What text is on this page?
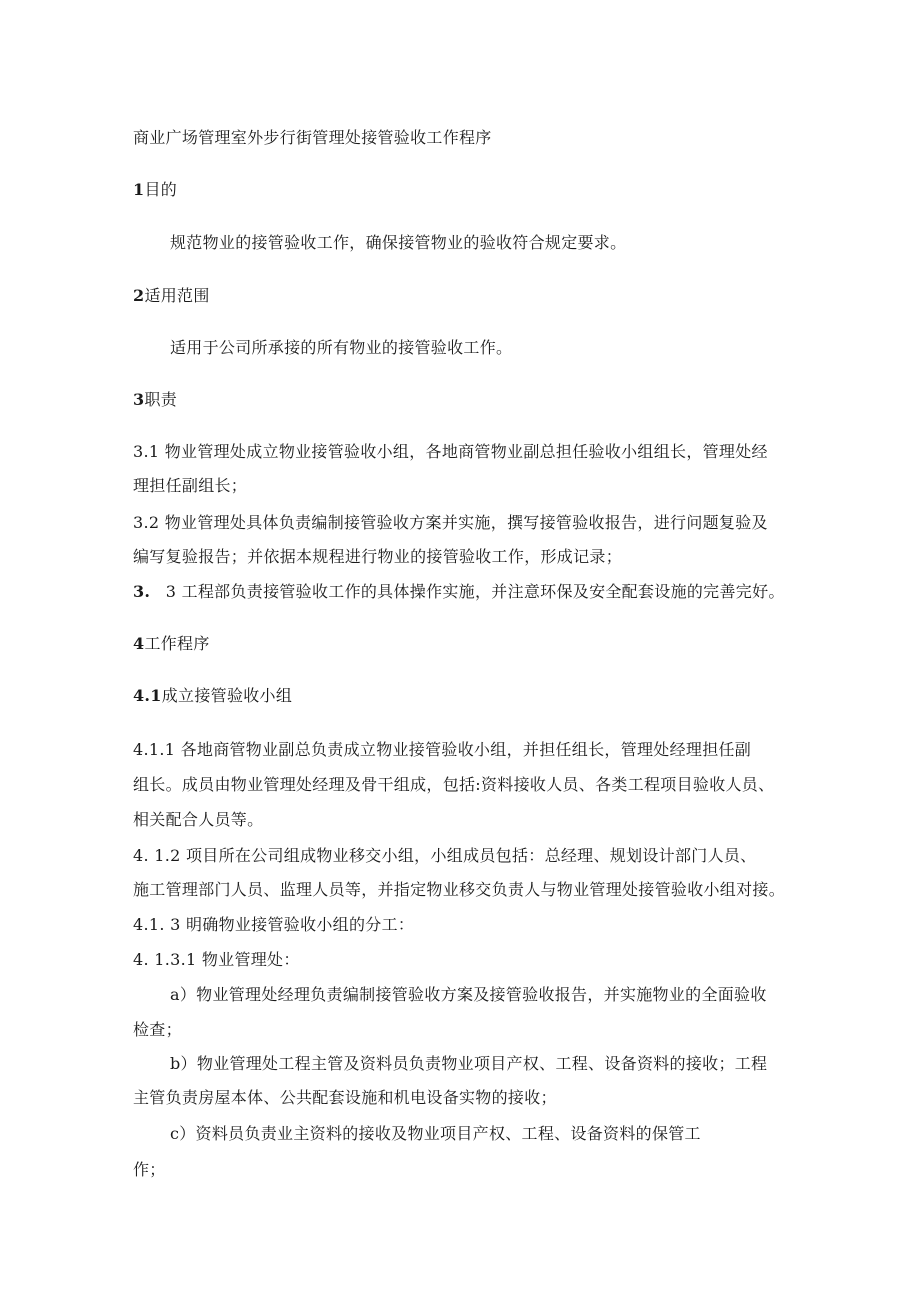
商业广场管理室外步行街管理处接管验收工作程序
1目的
规范物业的接管验收工作，确保接管物业的验收符合规定要求。
2适用范围
适用于公司所承接的所有物业的接管验收工作。
3职责
3.1 物业管理处成立物业接管验收小组，各地商管物业副总担任验收小组组长，管理处经
理担任副组长；
3.2 物业管理处具体负责编制接管验收方案并实施，撰写接管验收报告，进行问题复验及
编写复验报告；并依据本规程进行物业的接管验收工作，形成记录；
3. 3 工程部负责接管验收工作的具体操作实施，并注意环保及安全配套设施的完善完好。
4工作程序
4.1成立接管验收小组
4.1.1 各地商管物业副总负责成立物业接管验收小组，并担任组长，管理处经理担任副
组长。成员由物业管理处经理及骨干组成，包括:资料接收人员、各类工程项目验收人员、
相关配合人员等。
4. 1.2 项目所在公司组成物业移交小组，小组成员包括：总经理、规划设计部门人员、
施工管理部门人员、监理人员等，并指定物业移交负责人与物业管理处接管验收小组对接。
4.1. 3 明确物业接管验收小组的分工：
4. 1.3.1 物业管理处：
a）物业管理处经理负责编制接管验收方案及接管验收报告，并实施物业的全面验收
检查；
b）物业管理处工程主管及资料员负责物业项目产权、工程、设备资料的接收；工程
主管负责房屋本体、公共配套设施和机电设备实物的接收；
c）资料员负责业主资料的接收及物业项目产权、工程、设备资料的保管工
作；
